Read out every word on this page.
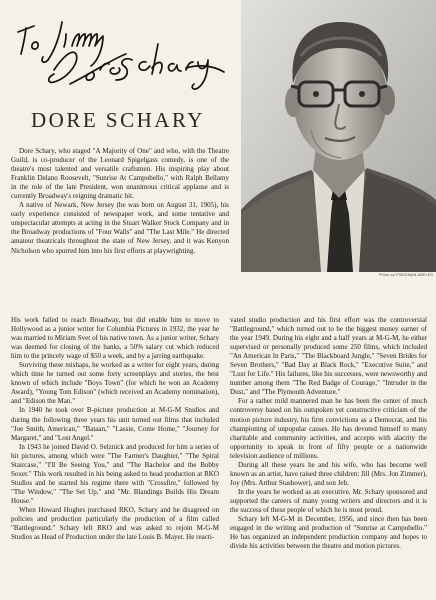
DORE SCHARY
Photo by FRIEDMAN-ABELES

Dore Schary, who staged "A Majority of One" and who, with the Theatre Guild, is co-producer of the Leonard Spigelgass comedy, is one of the theatre's most talented and versatile craftsmen. His inspiring play about Franklin Delano Roosevelt, "Sunrise At Campobello," with Ralph Bellamy in the role of the late President, won unanimous critical applause and is currently Broadway's reigning dramatic hit.

A native of Newark, New Jersey (he was born on August 31, 1905), his early experience consisted of newspaper work, and some tentative and unspectacular attempts at acting in the Stuart Walker Stock Company and in the Broadway productions of "Four Walls" and "The Last Mile." He directed amateur theatricals throughout the state of New Jersey, and it was Kenyon Nicholson who spurred him into his first efforts at playwrighting.

His work failed to reach Broadway, but did enable him to move to Hollywood as a junior writer for Columbia Pictures in 1932, the year he was married to Miriam Svet of his native town. As a junior writer, Schary was deemed for closing of the banks, a 50% salary cut which reduced him to the princely wage of $50 a week, and by a jarring earthquake.

Surviving these mishaps, he worked as a writer for eight years, during which time he turned out some forty screenplays and stories, the best known of which include "Boys Town" (for which he won an Academy Award), "Young Tom Edison" (which received an Academy nomination), and "Edison the Man."

In 1940 he took over B-picture production at M-G-M Studios and during the following three years his unit turned out films that included "Joe Smith, American," "Bataan," "Lassie, Come Home," "Journey for Margaret," and "Lost Angel."

In 1943 he joined David O. Selznick and produced for him a series of hit pictures, among which were "The Farmer's Daughter," "The Spiral Staircase," "I'll Be Seeing You," and "The Bachelor and the Bobby Soxer." This work resulted in his being asked to head production at RKO Studios and he started his regime there with "Crossfire," followed by "The Window," "The Set Up," and "Mr. Blandings Builds His Dream House."

When Howard Hughes purchased RKO, Schary and he disagreed on policies and production particularly the production of a film called "Battleground." Schary left RKO and was asked to rejoin M-G-M Studios as Head of Production under the late Louis B. Mayer. He reacti-

vated studio production and his first effort was the controversial "Battleground," which turned out to be the biggest money earner of the year 1949. During his eight and a half years at M-G-M, he either supervised or personally produced some 250 films, which included "An American In Paris," "The Blackboard Jungle," "Seven Brides for Seven Brothers," "Bad Day at Black Rock," "Executive Suite," and "Lust for Life." His failures, like his successes, were newsworthy and number among them "The Red Badge of Courage," "Intruder in the Dust," and "The Plymouth Adventure."

For a rather mild mannered man he has been the center of much controversy based on his outspoken yet constructive criticism of the motion picture industry, his firm convictions as a Democrat, and his championing of unpopular causes. He has devoted himself to many charitable and community activities, and accepts with alacrity the opportunity to speak in front of fifty people or a nationwide television audience of millions.

During all these years he and his wife, who has become well known as an artist, have raised three children: Jill (Mrs. Jon Zimmer), Joy (Mrs. Arthur Stashower), and son Jeb.

In the years he worked as an executive, Mr. Schary sponsored and supported the careers of many young writers and directors and it is the success of these people of which he is most proud.

Schary left M-G-M in December, 1956, and since then has been engaged in the writing and production of "Sunrise at Campobello." He has organized an independent production company and hopes to divide his activities between the theatre and motion pictures.
